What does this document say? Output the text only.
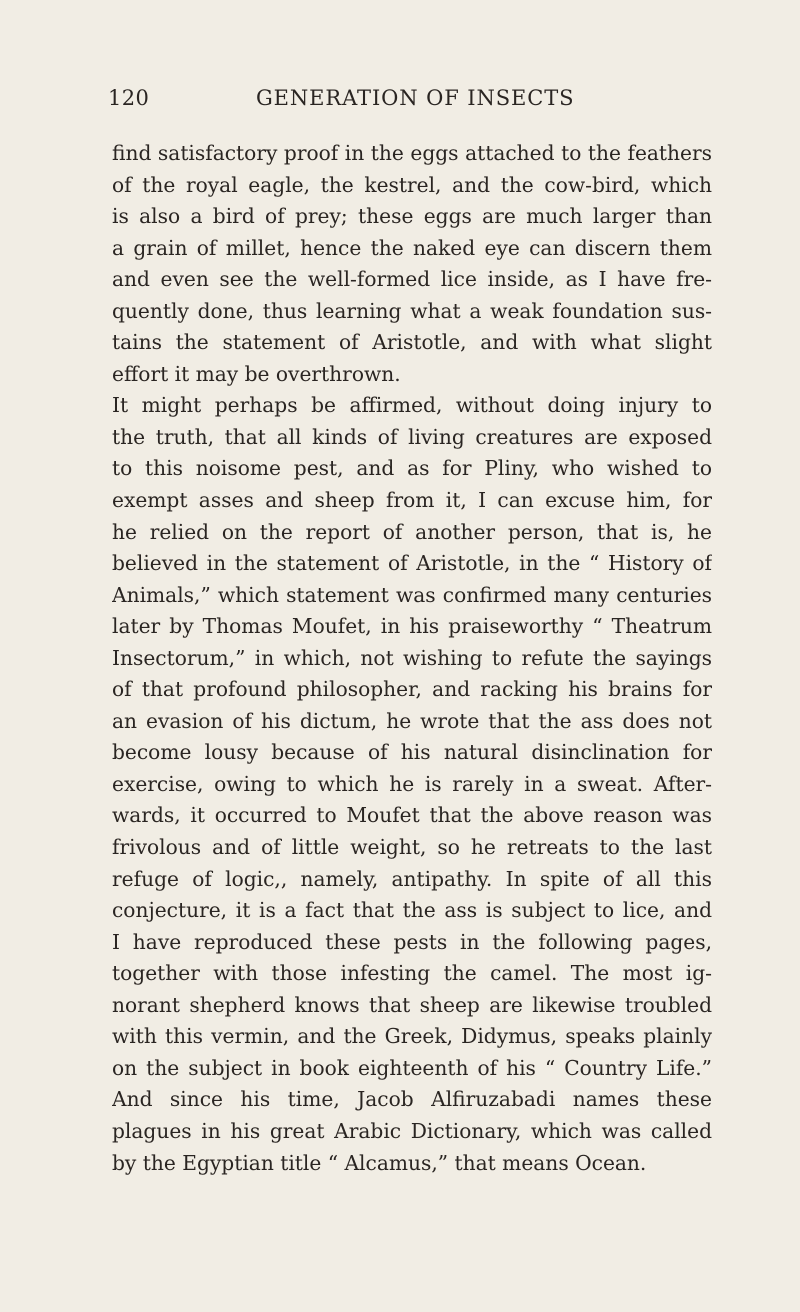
120	GENERATION OF INSECTS
find satisfactory proof in the eggs attached to the feathers
of the royal eagle, the kestrel, and the cow-bird, which
is also a bird of prey; these eggs are much larger than
a grain of millet, hence the naked eye can discern them
and even see the well-formed lice inside, as I have fre-
quently done, thus learning what a weak foundation sus-
tains the statement of Aristotle, and with what slight
effort it may be overthrown.
It might perhaps be affirmed, without doing injury to
the truth, that all kinds of living creatures are exposed
to this noisome pest, and as for Pliny, who wished to
exempt asses and sheep from it, I can excuse him, for
he relied on the report of another person, that is, he
believed in the statement of Aristotle, in the “ History of
Animals,” which statement was confirmed many centuries
later by Thomas Moufet, in his praiseworthy “ Theatrum
Insectorum,” in which, not wishing to refute the sayings
of that profound philosopher, and racking his brains for
an evasion of his dictum, he wrote that the ass does not
become lousy because of his natural disinclination for
exercise, owing to which he is rarely in a sweat. After-
wards, it occurred to Moufet that the above reason was
frivolous and of little weight, so he retreats to the last
refuge of logic,, namely, antipathy. In spite of all this
conjecture, it is a fact that the ass is subject to lice, and
I have reproduced these pests in the following pages,
together with those infesting the camel. The most ig-
norant shepherd knows that sheep are likewise troubled
with this vermin, and the Greek, Didymus, speaks plainly
on the subject in book eighteenth of his “ Country Life.”
And since his time, Jacob Alfiruzabadi names these
plagues in his great Arabic Dictionary, which was called
by the Egyptian title “ Alcamus,” that means Ocean.
